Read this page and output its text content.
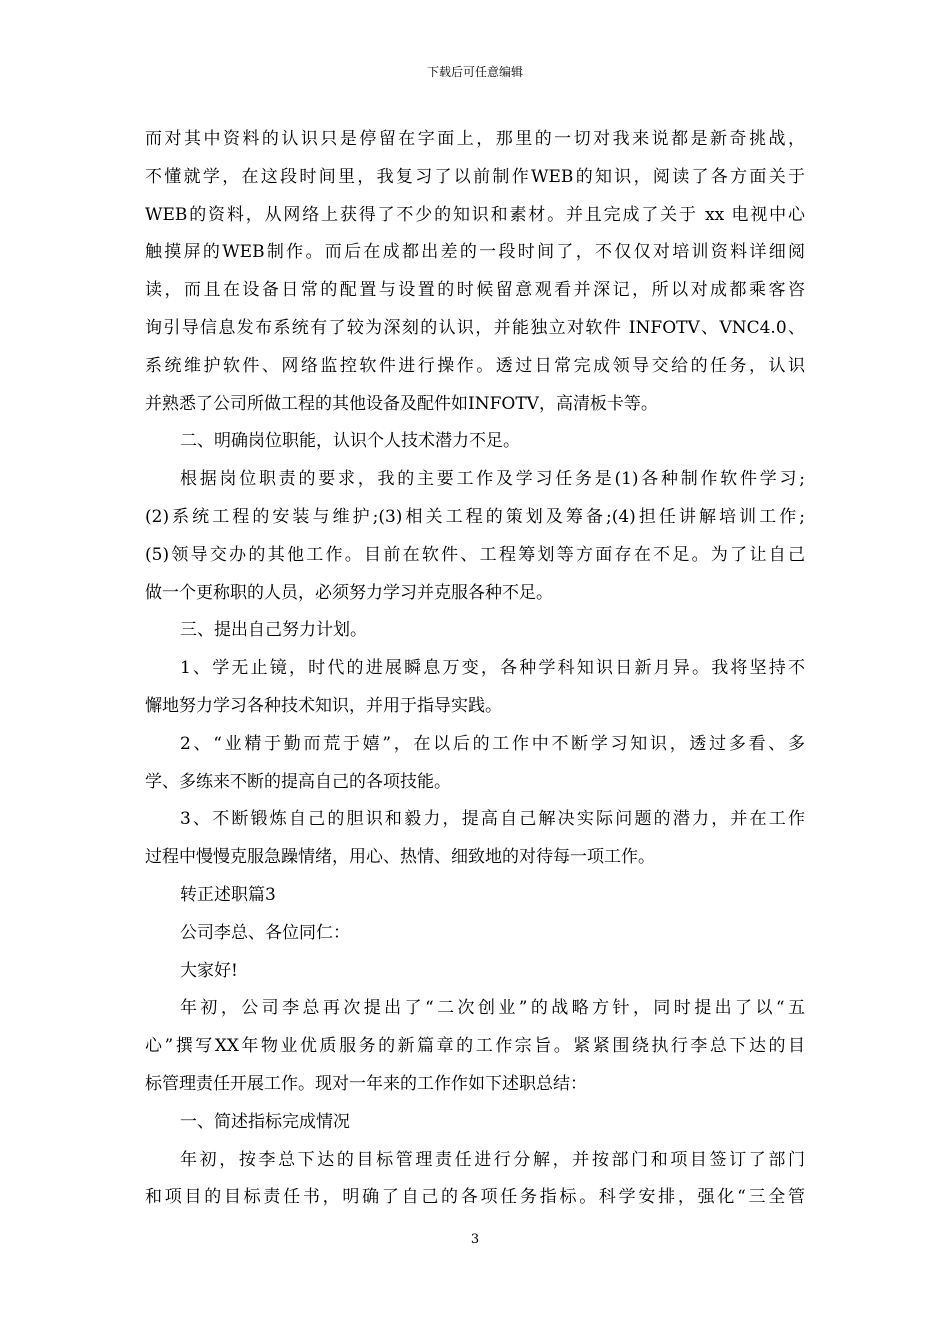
下载后可任意编辑
而对其中资料的认识只是停留在字面上，那里的一切对我来说都是新奇挑战，
不懂就学，在这段时间里，我复习了以前制作WEB的知识，阅读了各方面关于
WEB的资料，从网络上获得了不少的知识和素材。并且完成了关于 xx 电视中心
触摸屏的WEB制作。而后在成都出差的一段时间了，不仅仅对培训资料详细阅
读，而且在设备日常的配置与设置的时候留意观看并深记，所以对成都乘客咨
询引导信息发布系统有了较为深刻的认识，并能独立对软件 INFOTV、VNC4.0、
系统维护软件、网络监控软件进行操作。透过日常完成领导交给的任务，认识
并熟悉了公司所做工程的其他设备及配件如INFOTV，高清板卡等。
二、明确岗位职能，认识个人技术潜力不足。
根据岗位职责的要求，我的主要工作及学习任务是(1)各种制作软件学习;
(2)系统工程的安装与维护;(3)相关工程的策划及筹备;(4)担任讲解培训工作;
(5)领导交办的其他工作。目前在软件、工程筹划等方面存在不足。为了让自己
做一个更称职的人员，必须努力学习并克服各种不足。
三、提出自己努力计划。
1、学无止镜，时代的进展瞬息万变，各种学科知识日新月异。我将坚持不
懈地努力学习各种技术知识，并用于指导实践。
2、“业精于勤而荒于嬉”，在以后的工作中不断学习知识，透过多看、多
学、多练来不断的提高自己的各项技能。
3、不断锻炼自己的胆识和毅力，提高自己解决实际问题的潜力，并在工作
过程中慢慢克服急躁情绪，用心、热情、细致地的对待每一项工作。
转正述职篇3
公司李总、各位同仁：
大家好!
年初，公司李总再次提出了“二次创业”的战略方针，同时提出了以“五
心”撰写XX年物业优质服务的新篇章的工作宗旨。紧紧围绕执行李总下达的目
标管理责任开展工作。现对一年来的工作作如下述职总结：
一、简述指标完成情况
年初，按李总下达的目标管理责任进行分解，并按部门和项目签订了部门
和项目的目标责任书，明确了自己的各项任务指标。科学安排，强化“三全管
3
